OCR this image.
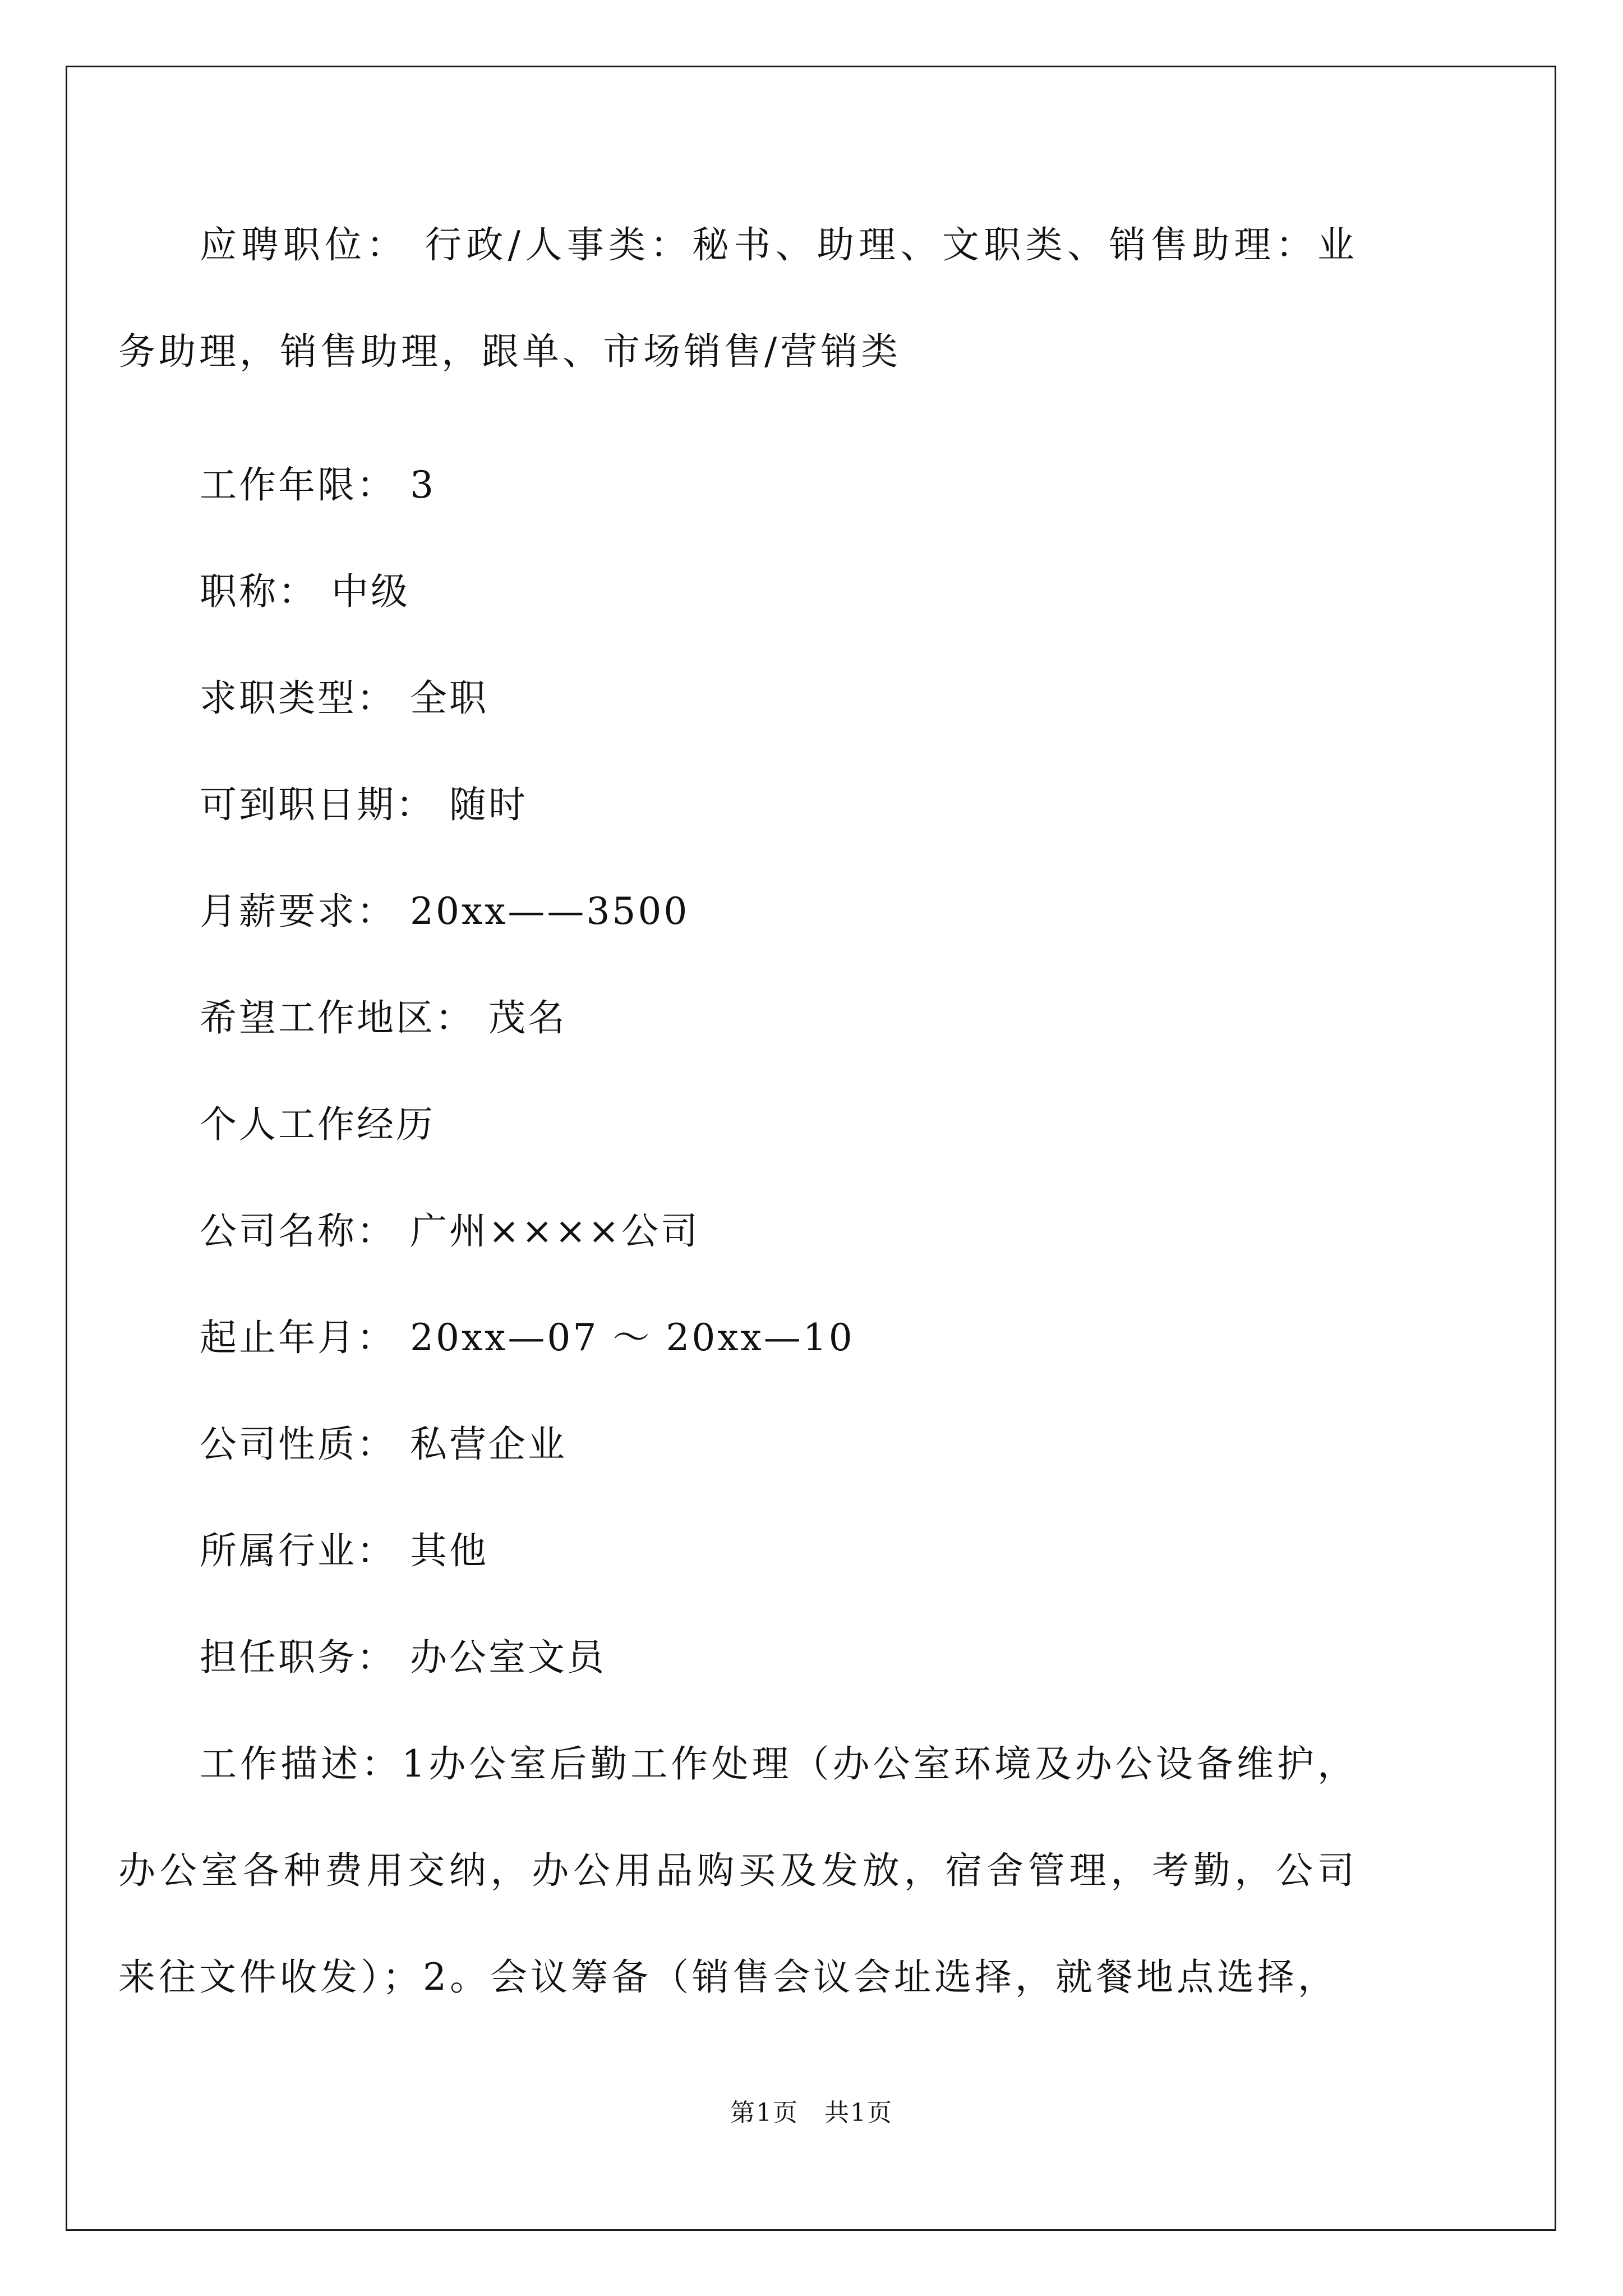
应聘职位： 行政/人事类：秘书、助理、文职类、销售助理：业务助理，销售助理，跟单、市场销售/营销类
工作年限： 3
职称： 中级
求职类型： 全职
可到职日期： 随时
月薪要求： 20xx——3500
希望工作地区： 茂名
个人工作经历
公司名称： 广州××××公司
起止年月： 20xx—07 ～ 20xx—10
公司性质： 私营企业
所属行业： 其他
担任职务： 办公室文员
工作描述：1办公室后勤工作处理（办公室环境及办公设备维护，办公室各种费用交纳，办公用品购买及发放，宿舍管理，考勤，公司来往文件收发）；2。会议筹备（销售会议会址选择，就餐地点选择，
第1页　共1页
